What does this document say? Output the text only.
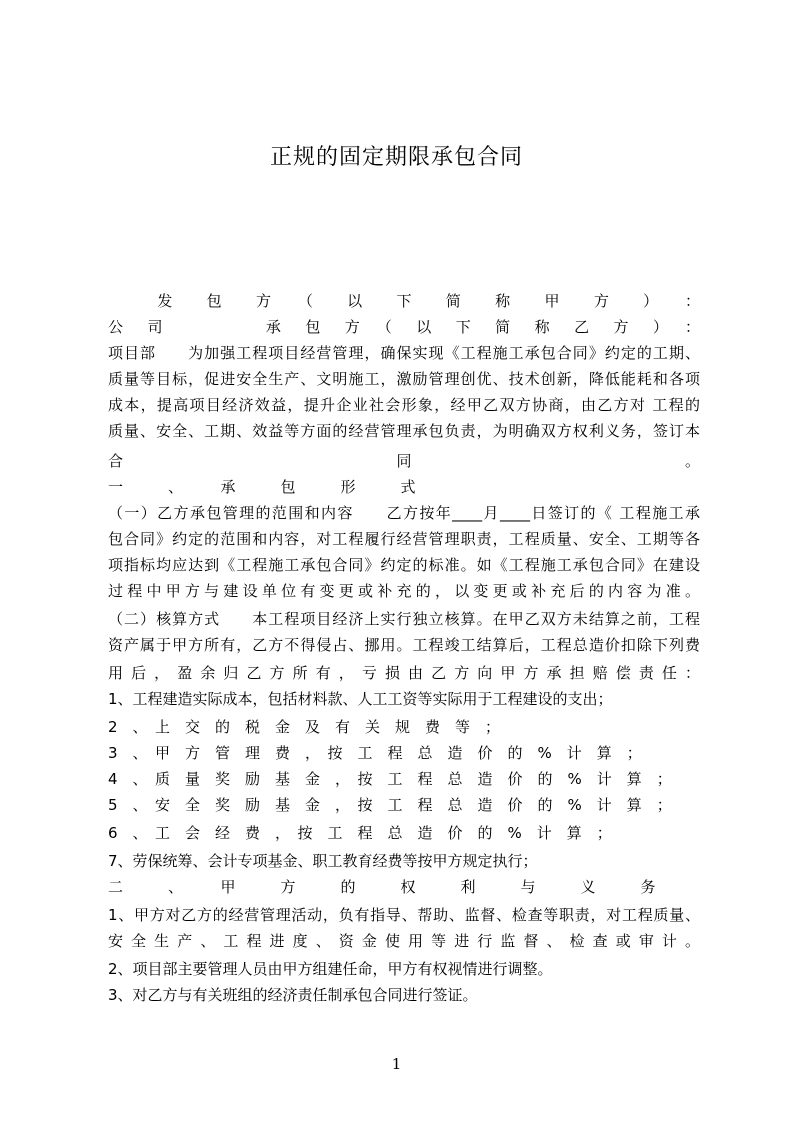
正规的固定期限承包合同
　　发　包　方　（　以　下　简　称　甲　方　）　：
公　司　　　　　承　包　方　（　以　下　简　称　乙　方　）　：
项目部　　为加强工程项目经营管理，确保实现《工程施工承包合同》约定的工期、
质量等目标，促进安全生产、文明施工，激励管理创优、技术创新，降低能耗和各项
成本，提高项目经济效益，提升企业社会形象，经甲乙双方协商，由乙方对 工程的
质量、安全、工期、效益等方面的经营管理承包负责，为明确双方权利义务，签订本
合　　　　　　　　同　　　　　　　　。
一　　　、　　　承　　　包　　　形　　　式
（一）乙方承包管理的范围和内容　　乙方按年____月____日签订的《 工程施工承
包合同》约定的范围和内容，对工程履行经营管理职责，工程质量、安全、工期等各
项指标均应达到《工程施工承包合同》约定的标准。如《工程施工承包合同》在建设
过程中甲方与建设单位有变更或补充的，以变更或补充后的内容为准。
（二）核算方式　　本工程项目经济上实行独立核算。在甲乙双方未结算之前，工程
资产属于甲方所有，乙方不得侵占、挪用。工程竣工结算后，工程总造价扣除下列费
用后，盈余归乙方所有，亏损由乙方向甲方承担赔偿责任：
1、工程建造实际成本，包括材料款、人工工资等实际用于工程建设的支出；
2　、　上　交　的　税　金　及　有　关　规　费　等　；
3　、　甲　方　管　理　费　，　按　工　程　总　造　价　的　%　计　算　；
4　、　质　量　奖　励　基　金　，　按　工　程　总　造　价　的　%　计　算　；
5　、　安　全　奖　励　基　金　，　按　工　程　总　造　价　的　%　计　算　；
6　、　工　会　经　费　，　按　工　程　总　造　价　的　%　计　算　；
7、劳保统筹、会计专项基金、职工教育经费等按甲方规定执行；
二　　　、　　　甲　　　方　　　的　　　权　　　利　　　与　　　义　　　务
1、甲方对乙方的经营管理活动，负有指导、帮助、监督、检查等职责，对工程质量、
安全生产、工程进度、资金使用等进行监督、检查或审计。
2、项目部主要管理人员由甲方组建任命，甲方有权视情进行调整。
3、对乙方与有关班组的经济责任制承包合同进行签证。
1
